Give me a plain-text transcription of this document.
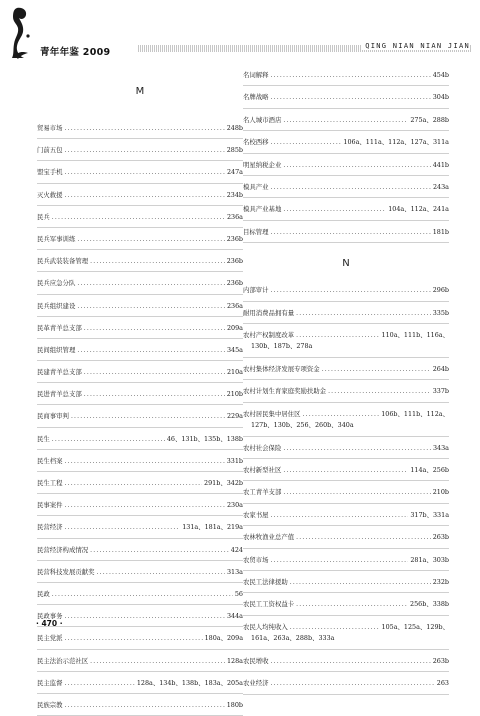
青年年鉴 2009
QING NIAN NIAN JIAN
M
贸易市场 .....	248b
门前五包 .....	285b
盟宝手机 .....	247a
灭火救援 .....	234b
民兵 .....	236a
民兵军事训练 .....	236b
民兵武装装备管理 .....	236b
民兵应急分队 .....	236b
民兵组织建设 .....	236a
民革青羊总支部 .....	209a
民间组织管理 .....	345a
民建青羊总支部 .....	210a
民进青羊总支部 .....	210b
民商事审判 .....	229a
民生 .....	46、131b、135b、138b
民生档案 .....	331b
民生工程 .....	291b、342b
民事案件 .....	230a
民营经济 .....	131a、181a、219a
民营经济构成情况 .....	424
民营科技发展贡献奖 .....	313a
民政 .....	56
民政事务 .....	344a
民主党派 .....	180a、209a
民主法治示范社区 .....	128a
民主监督 .....	128a、134b、138b、183a、205a
民族宗教 .....	180b
名词解释 .....	454b
名牌战略 .....	304b
名人城市酒店 .....	275a、288b
名校西移 .....	106a、111a、112a、127a、311a
明星纳税企业 .....	441b
模具产业 .....	243a
模具产业基地 .....	104a、112a、241a
目标管理 .....	181b
N
内部审计 .....	296b
耐用消费品拥有量 .....	335b
农村产权制度改革 .....	110a、111b、116a、
130b、187b、278a
农村集体经济发展专项资金 .....	264b
农村计划生育家庭奖励扶助金 .....	337b
农村居民集中居住区 .....	106b、111b、112a、
127b、130b、256、260b、340a
农村社会保险 .....	343a
农村新型社区 .....	114a、256b
农工青羊支部 .....	210b
农家书屋 .....	317b、331a
农林牧渔业总产值 .....	263b
农贸市场 .....	281a、303b
农民工法律援助 .....	232b
农民工工资权益卡 .....	256b、338b
农民人均纯收入 .....	105a、125a、129b、
161a、263a、288b、333a
农民增收 .....	263b
农业经济 .....	263
· 470 ·
